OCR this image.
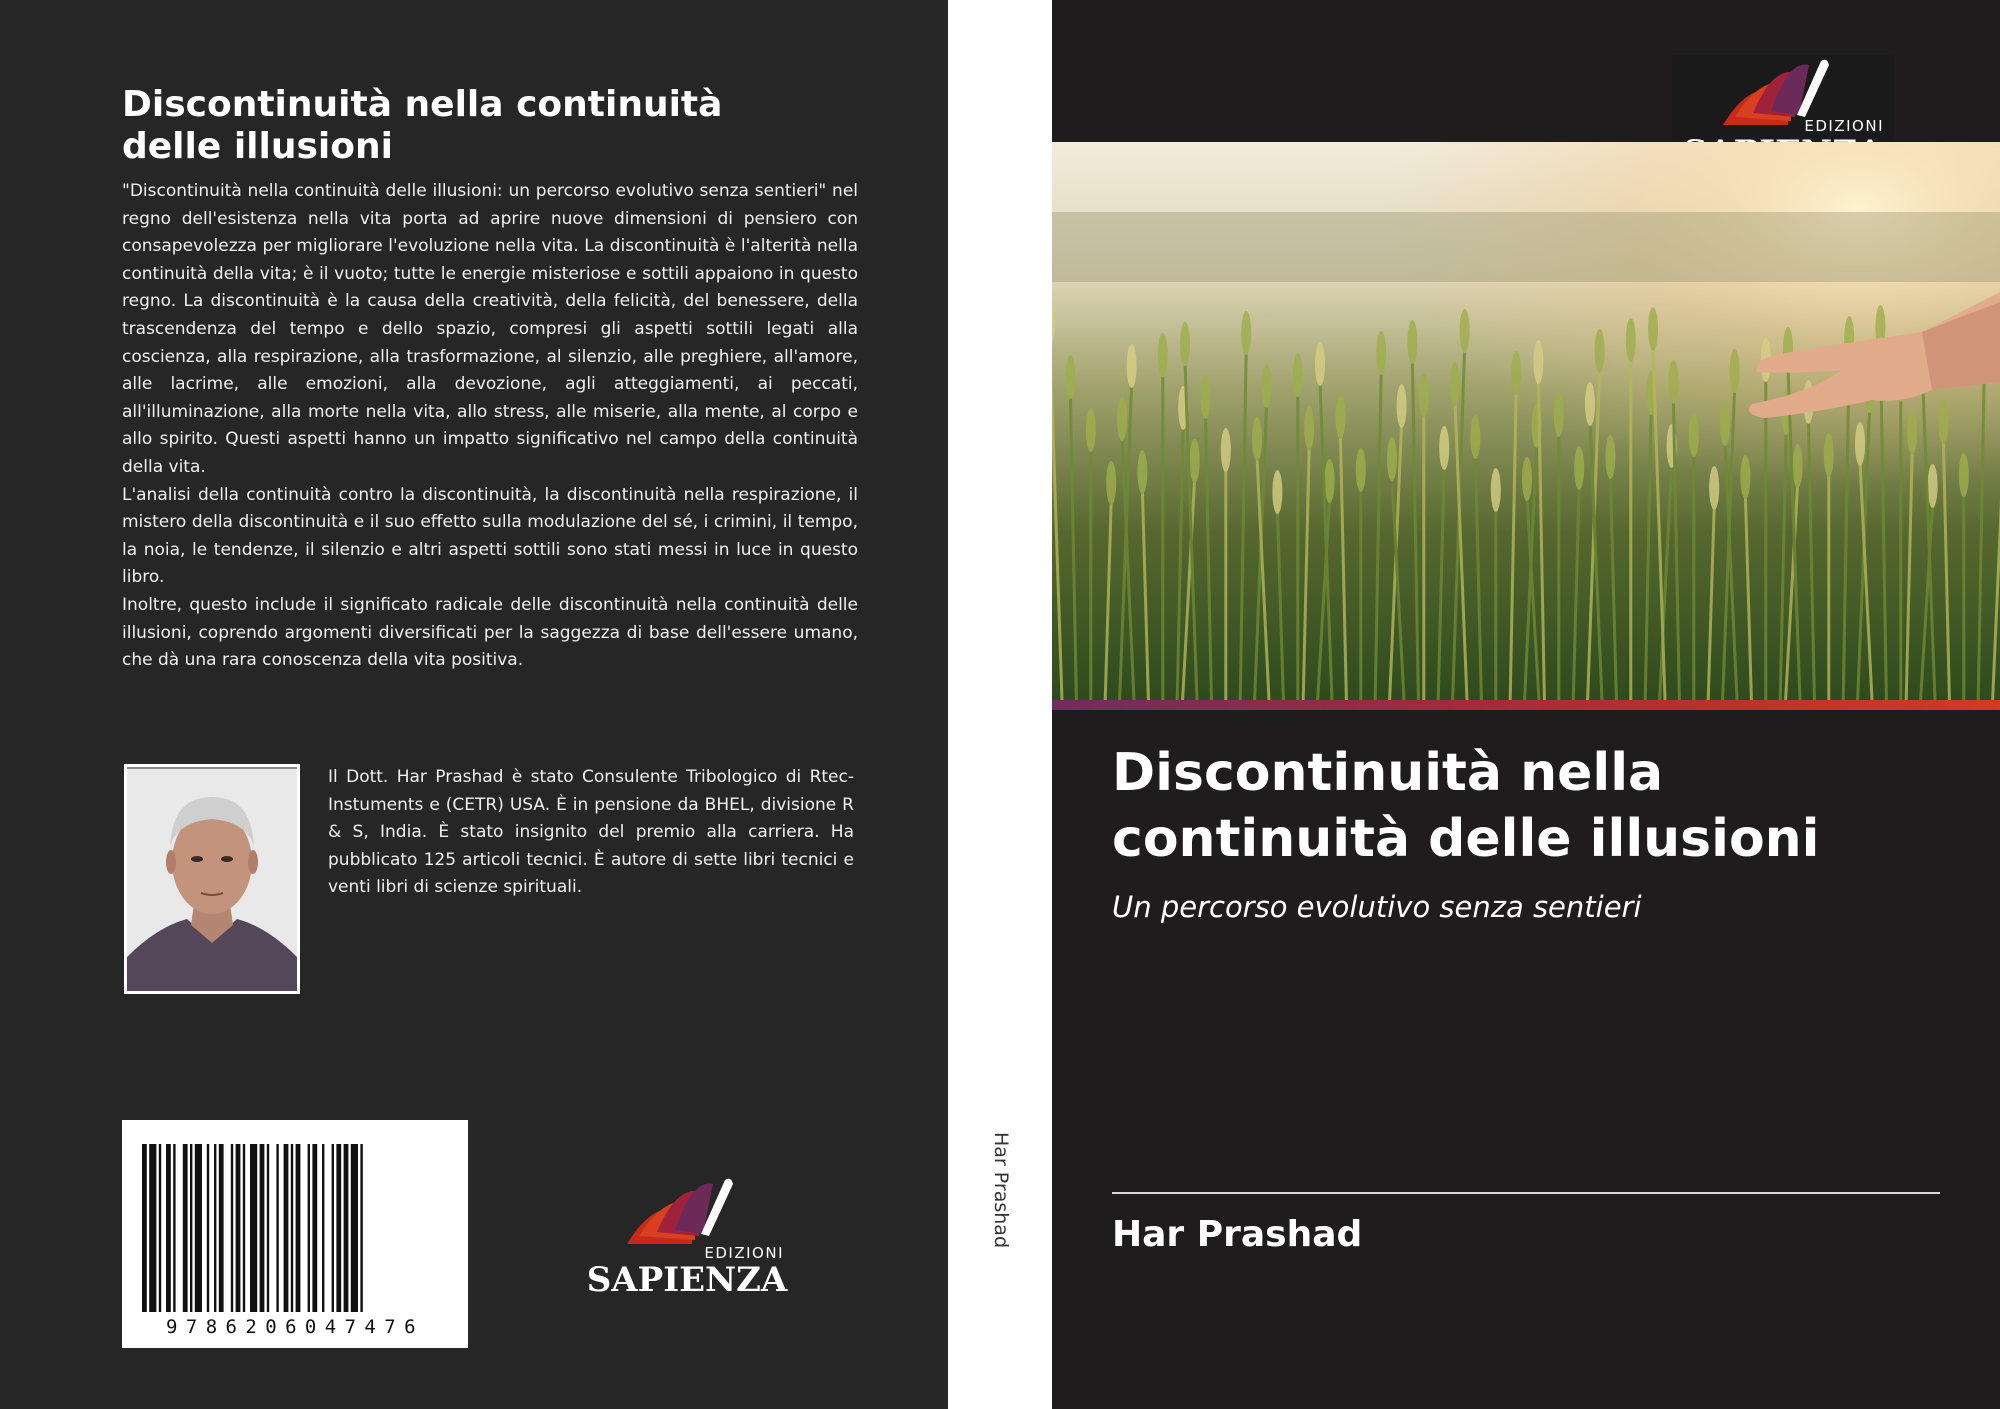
Discontinuità nella continuità
delle illusioni

"Discontinuità nella continuità delle illusioni: un percorso evolutivo senza sentieri" nel regno dell'esistenza nella vita porta ad aprire nuove dimensioni di pensiero con consapevolezza per migliorare l'evoluzione nella vita. La discontinuità è l'alterità nella continuità della vita; è il vuoto; tutte le energie misteriose e sottili appaiono in questo regno. La discontinuità è la causa della creatività, della felicità, del benessere, della trascendenza del tempo e dello spazio, compresi gli aspetti sottili legati alla coscienza, alla respirazione, alla trasformazione, al silenzio, alle preghiere, all'amore, alle lacrime, alle emozioni, alla devozione, agli atteggiamenti, ai peccati, all'illuminazione, alla morte nella vita, allo stress, alle miserie, alla mente, al corpo e allo spirito. Questi aspetti hanno un impatto significativo nel campo della continuità della vita.

L'analisi della continuità contro la discontinuità, la discontinuità nella respirazione, il mistero della discontinuità e il suo effetto sulla modulazione del sé, i crimini, il tempo, la noia, le tendenze, il silenzio e altri aspetti sottili sono stati messi in luce in questo libro.

Inoltre, questo include il significato radicale delle discontinuità nella continuità delle illusioni, coprendo argomenti diversificati per la saggezza di base dell'essere umano, che dà una rara conoscenza della vita positiva.

Il Dott. Har Prashad è stato Consulente Tribologico di Rtec-Instuments e (CETR) USA. È in pensione da BHEL, divisione R & S, India. È stato insignito del premio alla carriera. Ha pubblicato 125 articoli tecnici. È autore di sette libri tecnici e venti libri di scienze spirituali.

9786206047476
EDIZIONI
SAPIENZA
Har Prashad
EDIZIONI
Discontinuità nella
continuità delle illusioni
Un percorso evolutivo senza sentieri
Har Prashad
